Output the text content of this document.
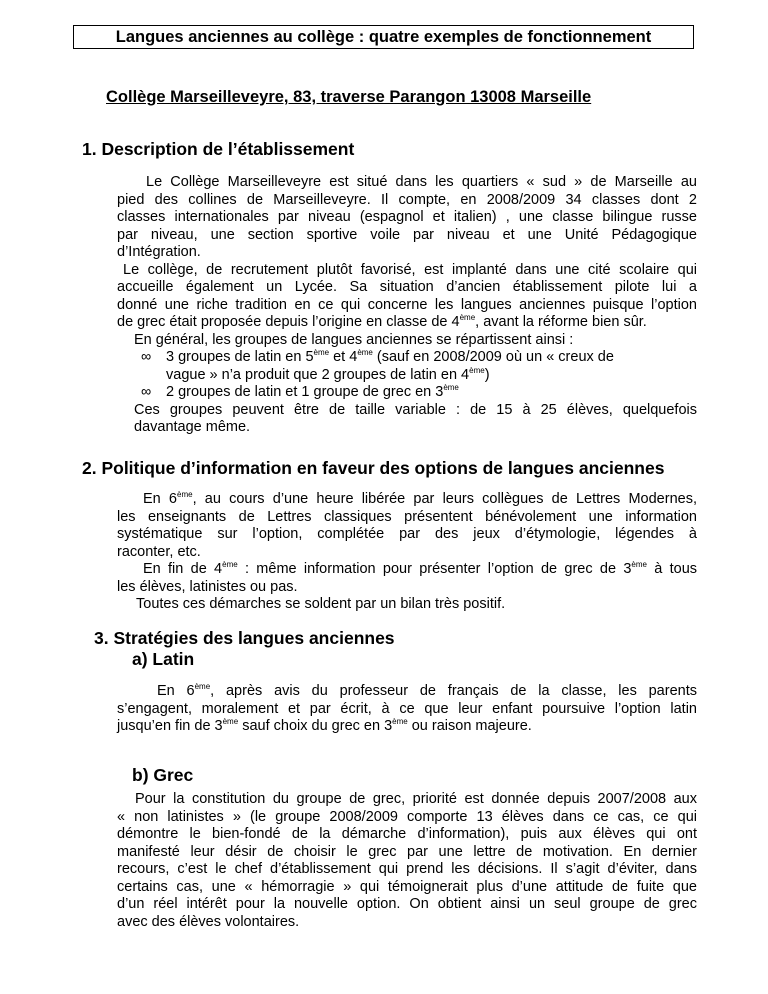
Langues anciennes au collège : quatre exemples de fonctionnement
Collège Marseilleveyre, 83, traverse Parangon 13008 Marseille
1. Description de l’établissement
Le Collège Marseilleveyre est situé dans les quartiers « sud » de Marseille au
pied des collines de Marseilleveyre. Il compte, en 2008/2009 34 classes dont 2
classes internationales par niveau (espagnol et italien) , une classe bilingue russe
par niveau, une section sportive voile par niveau et une Unité Pédagogique
d’Intégration.
Le collège, de recrutement plutôt favorisé, est implanté dans une cité scolaire qui
accueille également un Lycée. Sa situation d’ancien établissement pilote lui a
donné une riche tradition en ce qui concerne les langues anciennes puisque l’option
de grec était proposée depuis l’origine en classe de 4ème, avant la réforme bien sûr.
En général, les groupes de langues anciennes se répartissent ainsi :
∞ 3 groupes de latin en 5ème et 4ème (sauf en 2008/2009 où un « creux de
vague » n’a produit que 2 groupes de latin en 4ème)
∞ 2 groupes de latin et 1 groupe de grec en 3ème
Ces groupes peuvent être de taille variable : de 15 à 25 élèves, quelquefois
davantage même.
2. Politique d’information en faveur des options de langues anciennes
En 6ème, au cours d’une heure libérée par leurs collègues de Lettres Modernes,
les enseignants de Lettres classiques présentent bénévolement une information
systématique sur l’option, complétée par des jeux d’étymologie, légendes à
raconter, etc.
En fin de 4ème : même information pour présenter l’option de grec de 3ème à tous
les élèves, latinistes ou pas.
Toutes ces démarches se soldent par un bilan très positif.
3. Stratégies des langues anciennes
a) Latin
En 6ème, après avis du professeur de français de la classe, les parents
s’engagent, moralement et par écrit, à ce que leur enfant poursuive l’option latin
jusqu’en fin de 3ème sauf choix du grec en 3ème ou raison majeure.
b) Grec
Pour la constitution du groupe de grec, priorité est donnée depuis 2007/2008 aux
« non latinistes » (le groupe 2008/2009 comporte 13 élèves dans ce cas, ce qui
démontre le bien-fondé de la démarche d’information), puis aux élèves qui ont
manifesté leur désir de choisir le grec par une lettre de motivation. En dernier
recours, c’est le chef d’établissement qui prend les décisions. Il s’agit d’éviter, dans
certains cas, une « hémorragie » qui témoignerait plus d’une attitude de fuite que
d’un réel intérêt pour la nouvelle option. On obtient ainsi un seul groupe de grec
avec des élèves volontaires.
